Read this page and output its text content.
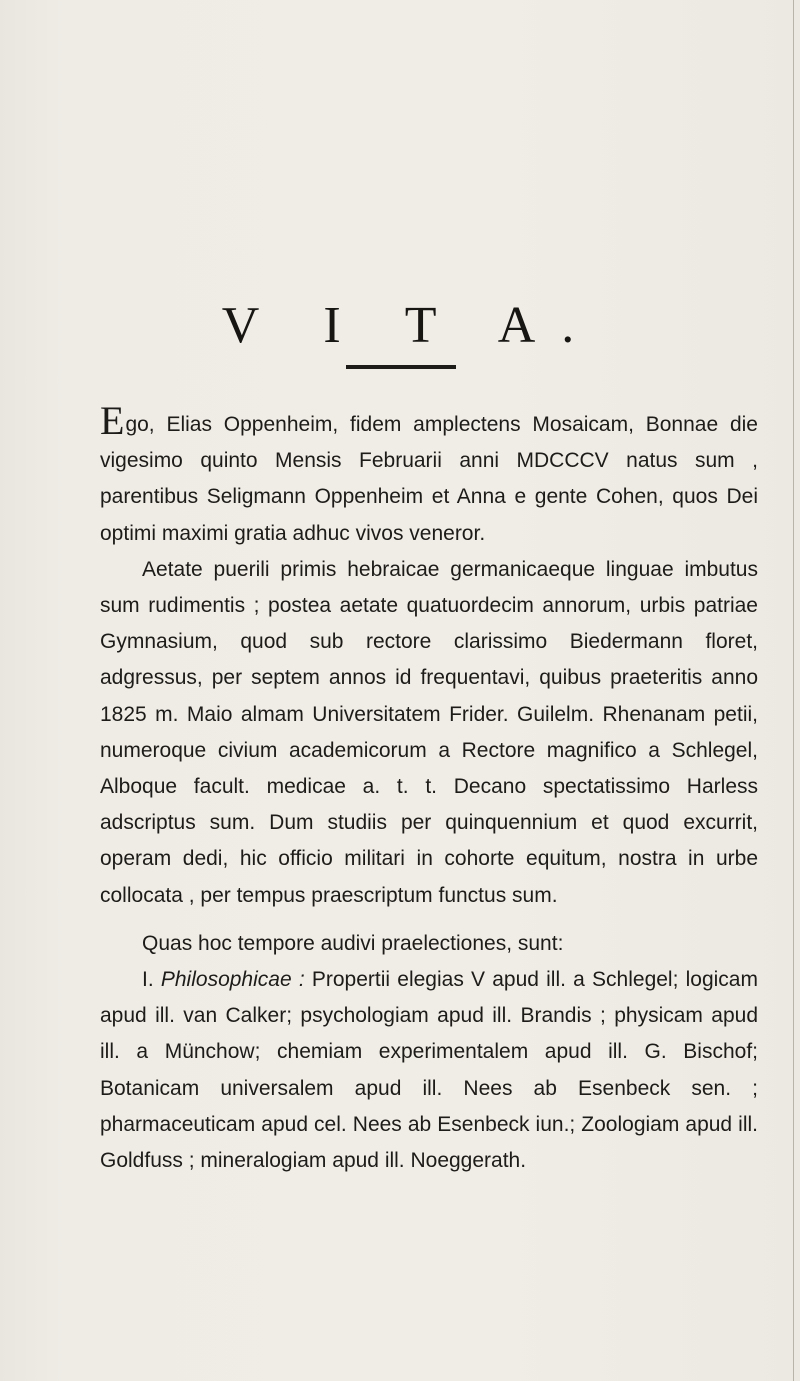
V I T A.

Ego, Elias Oppenheim, fidem amplectens Mosaicam, Bonnae die vigesimo quinto Mensis Februarii anni MDCCCV natus sum , parentibus Seligmann Oppenheim et Anna e gente Cohen, quos Dei optimi maximi gratia adhuc vivos veneror.

Aetate puerili primis hebraicae germanicaeque linguae imbutus sum rudimentis ; postea aetate quatuordecim annorum, urbis patriae Gymnasium, quod sub rectore clarissimo Biedermann floret, adgressus, per septem annos id frequentavi, quibus praeteritis anno 1825 m. Maio almam Universitatem Frider. Guilelm. Rhenanam petii, numeroque civium academicorum a Rectore magnifico a Schlegel, Alboque facult. medicae a. t. t. Decano spectatissimo Harless adscriptus sum. Dum studiis per quinquennium et quod excurrit, operam dedi, hic officio militari in cohorte equitum, nostra in urbe collocata , per tempus praescriptum functus sum.

Quas hoc tempore audivi praelectiones, sunt:

I. Philosophicae : Propertii elegias V apud ill. a Schlegel; logicam apud ill. van Calker; psychologiam apud ill. Brandis ; physicam apud ill. a Münchow; chemiam experimentalem apud ill. G. Bischof; Botanicam universalem apud ill. Nees ab Esenbeck sen. ; pharmaceuticam apud cel. Nees ab Esenbeck iun.; Zoologiam apud ill. Goldfuss ; mineralogiam apud ill. Noeggerath.
